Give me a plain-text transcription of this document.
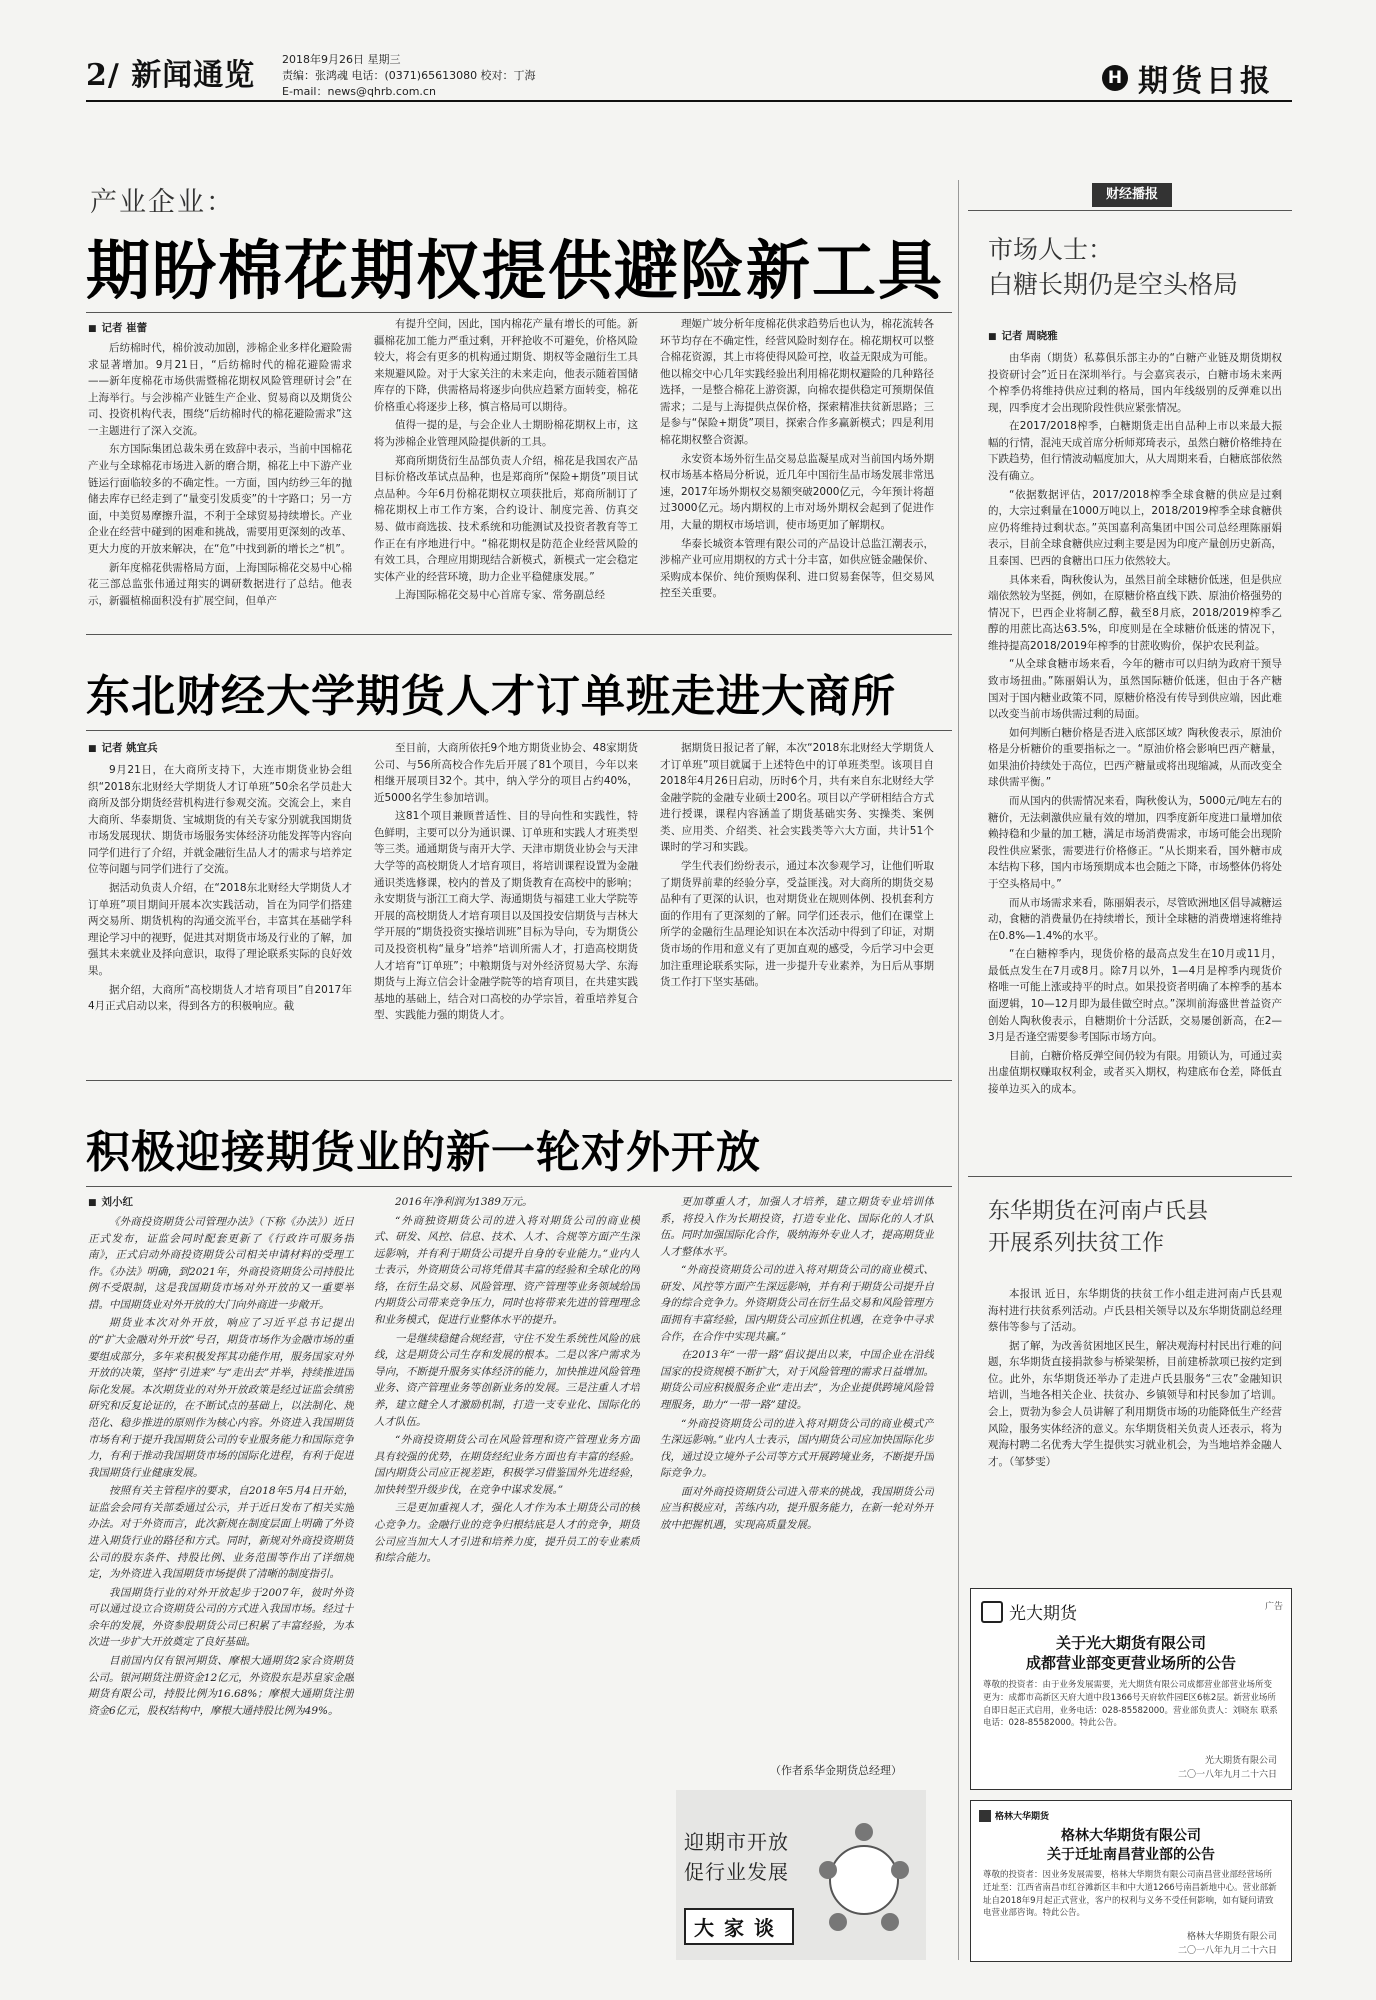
2/ 新闻通览 2018年9月26日 星期三
责编：张鸿魂 电话：(0371)65613080 校对：丁海
E-mail：news@qhrb.com.cn
H 期货日报
产业企业：
期盼棉花期权提供避险新工具
■ 记者 崔蕾

后纺棉时代，棉价波动加剧，涉棉企业多样化避险需求显著增加。9月21日，“后纺棉时代的棉花避险需求——新年度棉花市场供需暨棉花期权风险管理研讨会”在上海举行。与会涉棉产业链生产企业、贸易商以及期货公司、投资机构代表，围绕“后纺棉时代的棉花避险需求”这一主题进行了深入交流。

东方国际集团总裁朱勇在致辞中表示，当前中国棉花产业与全球棉花市场进入新的磨合期，棉花上中下游产业链运行面临较多的不确定性。一方面，国内纺纱三年的抛储去库存已经走到了“量变引发质变”的十字路口；另一方面，中美贸易摩擦升温，不利于全球贸易持续增长。产业企业在经营中碰到的困难和挑战，需要用更深刻的改革、更大力度的开放来解决，在“危”中找到新的增长之“机”。

新年度棉花供需格局方面，上海国际棉花交易中心棉花三部总监张伟通过翔实的调研数据进行了总结。他表示，新疆植棉面积没有扩展空间，但单产

有提升空间，因此，国内棉花产量有增长的可能。新疆棉花加工能力严重过剩，开秤抢收不可避免，价格风险较大，将会有更多的机构通过期货、期权等金融衍生工具来规避风险。对于大家关注的未来走向，他表示随着国储库存的下降，供需格局将逐步向供应趋紧方面转变，棉花价格重心将逐步上移，慎言格局可以期待。

值得一提的是，与会企业人士期盼棉花期权上市，这将为涉棉企业管理风险提供新的工具。

郑商所期货衍生品部负责人介绍，棉花是我国农产品目标价格改革试点品种，也是郑商所“保险+期货”项目试点品种。今年6月份棉花期权立项获批后，郑商所制订了棉花期权上市工作方案，合约设计、制度完善、仿真交易、做市商选拔、技术系统和功能测试及投资者教育等工作正在有序地进行中。“棉花期权是防范企业经营风险的有效工具，合理应用期现结合新模式，新模式一定会稳定实体产业的经营环境，助力企业平稳健康发展。”

上海国际棉花交易中心首席专家、常务副总经

理姬广坡分析年度棉花供求趋势后也认为，棉花流转各环节均存在不确定性，经营风险时刻存在。棉花期权可以整合棉花资源，其上市将使得风险可控，收益无限成为可能。他以棉交中心几年实践经验出利用棉花期权避险的几种路径选择，一是整合棉花上游资源，向棉农提供稳定可预期保值需求；二是与上海提供点保价格，探索精准扶贫新思路；三是参与“保险+期货”项目，探索合作多赢新模式；四是利用棉花期权整合资源。

永安资本场外衍生品交易总监凝星成对当前国内场外期权市场基本格局分析说，近几年中国衍生品市场发展非常迅速，2017年场外期权交易额突破2000亿元，今年预计将超过3000亿元。场内期权的上市对场外期权会起到了促进作用，大量的期权市场培训，使市场更加了解期权。

华泰长城资本管理有限公司的产品设计总监江潮表示，涉棉产业可应用期权的方式十分丰富，如供应链金融保价、采购成本保价、纯价预购保利、进口贸易套保等，但交易风控至关重要。

东北财经大学期货人才订单班走进大商所
■ 记者 姚宜兵

9月21日，在大商所支持下，大连市期货业协会组织“2018东北财经大学期货人才订单班”50余名学员赴大商所及部分期货经营机构进行参观交流。交流会上，来自大商所、华泰期货、宝城期货的有关专家分别就我国期货市场发展现状、期货市场服务实体经济功能发挥等内容向同学们进行了介绍，并就金融衍生品人才的需求与培养定位等问题与同学们进行了交流。

据活动负责人介绍，在“2018东北财经大学期货人才订单班”项目期间开展本次实践活动，旨在为同学们搭建两交易所、期货机构的沟通交流平台，丰富其在基础学科理论学习中的视野，促进其对期货市场及行业的了解，加强其未来就业及择向意识，取得了理论联系实际的良好效果。

据介绍，大商所“高校期货人才培育项目”自2017年4月正式启动以来，得到各方的积极响应。截

至目前，大商所依托9个地方期货业协会、48家期货公司、与56所高校合作先后开展了81个项目，今年以来相继开展项目32个。其中，纳入学分的项目占约40%，近5000名学生参加培训。

这81个项目兼顾普适性、目的导向性和实践性，特色鲜明，主要可以分为通识课、订单班和实践人才班类型等三类。通通期货与南开大学、天津市期货业协会与天津大学等的高校期货人才培育项目，将培训课程设置为金融通识类选修课，校内的普及了期货教育在高校中的影响；永安期货与浙江工商大学、海通期货与福建工业大学院等开展的高校期货人才培育项目以及国投安信期货与吉林大学开展的“期货投资实操培训班”目标为导向，专为期货公司及投资机构“量身”培养“培训所需人才，打造高校期货人才培育“订单班”；中粮期货与对外经济贸易大学、东海期货与上海立信会计金融学院等的培育项目，在共建实践基地的基础上，结合对口高校的办学宗旨，着重培养复合型、实践能力强的期货人才。

据期货日报记者了解，本次“2018东北财经大学期货人才订单班”项目就属于上述特色中的订单班类型。该项目自2018年4月26日启动，历时6个月，共有来自东北财经大学金融学院的金融专业硕士200名。项目以产学研相结合方式进行授课，课程内容涵盖了期货基础实务、实操类、案例类、应用类、介绍类、社会实践类等六大方面，共计51个课时的学习和实践。

学生代表们纷纷表示，通过本次参观学习，让他们听取了期货界前辈的经验分享，受益匪浅。对大商所的期货交易品种有了更深的认识，也对期货业在规则体例、投机套利方面的作用有了更深刻的了解。同学们还表示，他们在课堂上所学的金融衍生品理论知识在本次活动中得到了印证，对期货市场的作用和意义有了更加直观的感受，今后学习中会更加注重理论联系实际，进一步提升专业素养，为日后从事期货工作打下坚实基础。

积极迎接期货业的新一轮对外开放
■ 刘小红

《外商投资期货公司管理办法》（下称《办法》）近日正式发布，证监会同时配套更新了《行政许可服务指南》，正式启动外商投资期货公司相关申请材料的受理工作。《办法》明确，到2021年，外商投资期货公司持股比例不受限制，这是我国期货市场对外开放的又一重要举措。中国期货业对外开放的大门向外商进一步敞开。

期货业本次对外开放，响应了习近平总书记提出的“扩大金融对外开放”号召，期货市场作为金融市场的重要组成部分，多年来积极发挥其功能作用，服务国家对外开放的决策，坚持“引进来”与“走出去”并举，持续推进国际化发展。本次期货业的对外开放政策是经过证监会缜密研究和反复论证的，在不断试点的基础上，以法制化、规范化、稳步推进的原则作为核心内容。外资进入我国期货市场有利于提升我国期货公司的专业服务能力和国际竞争力，有利于推动我国期货市场的国际化进程，有利于促进我国期货行业健康发展。

按照有关主管程序的要求，自2018年5月4日开始，证监会会同有关部委通过公示，并于近日发布了相关实施办法。对于外资而言，此次新规在制度层面上明确了外资进入期货行业的路径和方式。同时，新规对外商投资期货公司的股东条件、持股比例、业务范围等作出了详细规定，为外资进入我国期货市场提供了清晰的制度指引。

我国期货行业的对外开放起步于2007年，彼时外资可以通过设立合资期货公司的方式进入我国市场。经过十余年的发展，外资参股期货公司已积累了丰富经验，为本次进一步扩大开放奠定了良好基础。

目前国内仅有银河期货、摩根大通期货2家合资期货公司。银河期货注册资金12亿元，外资股东是苏皇家金融期货有限公司，持股比例为16.68%；摩根大通期货注册资金6亿元，股权结构中，摩根大通持股比例为49%。

2016年净利润为1389万元。

“外商独资期货公司的进入将对期货公司的商业模式、研发、风控、信息、技术、人才、合规等方面产生深远影响，并有利于期货公司提升自身的专业能力。”业内人士表示，外资期货公司将凭借其丰富的经验和全球化的网络，在衍生品交易、风险管理、资产管理等业务领域给国内期货公司带来竞争压力，同时也将带来先进的管理理念和业务模式，促进行业整体水平的提升。

一是继续稳健合规经营，守住不发生系统性风险的底线，这是期货公司生存和发展的根本。二是以客户需求为导向，不断提升服务实体经济的能力，加快推进风险管理业务、资产管理业务等创新业务的发展。三是注重人才培养，建立健全人才激励机制，打造一支专业化、国际化的人才队伍。

“外商投资期货公司在风险管理和资产管理业务方面具有较强的优势，在期货经纪业务方面也有丰富的经验。国内期货公司应正视差距，积极学习借鉴国外先进经验，加快转型升级步伐，在竞争中谋求发展。”

三是更加重视人才，强化人才作为本土期货公司的核心竞争力。金融行业的竞争归根结底是人才的竞争，期货公司应当加大人才引进和培养力度，提升员工的专业素质和综合能力。

更加尊重人才，加强人才培养，建立期货专业培训体系，将投入作为长期投资，打造专业化、国际化的人才队伍。同时加强国际化合作，吸纳海外专业人才，提高期货业人才整体水平。

“外商投资期货公司的进入将对期货公司的商业模式、研发、风控等方面产生深远影响，并有利于期货公司提升自身的综合竞争力。外资期货公司在衍生品交易和风险管理方面拥有丰富经验，国内期货公司应抓住机遇，在竞争中寻求合作，在合作中实现共赢。”

在2013年“一带一路”倡议提出以来，中国企业在沿线国家的投资规模不断扩大，对于风险管理的需求日益增加。期货公司应积极服务企业“走出去”，为企业提供跨境风险管理服务，助力“一带一路”建设。

“外商投资期货公司的进入将对期货公司的商业模式产生深远影响。”业内人士表示，国内期货公司应加快国际化步伐，通过设立境外子公司等方式开展跨境业务，不断提升国际竞争力。

面对外商投资期货公司进入带来的挑战，我国期货公司应当积极应对，苦练内功，提升服务能力，在新一轮对外开放中把握机遇，实现高质量发展。

（作者系华金期货总经理）
迎期市开放
促行业发展
大家谈
财经播报
市场人士：
白糖长期仍是空头格局
■ 记者 周晓雅

由华南（期货）私募俱乐部主办的“白糖产业链及期货期权投资研讨会”近日在深圳举行。与会嘉宾表示，白糖市场未来两个榨季仍将维持供应过剩的格局，国内年线级别的反弹难以出现，四季度才会出现阶段性供应紧张情况。

在2017/2018榨季，白糖期货走出自品种上市以来最大振幅的行情，混沌天成首席分析师郑琦表示，虽然白糖价格维持在下跌趋势，但行情波动幅度加大，从大周期来看，白糖底部依然没有确立。

“依据数据评估，2017/2018榨季全球食糖的供应是过剩的，大宗过剩量在1000万吨以上，2018/2019榨季全球食糖供应仍将维持过剩状态。”英国嘉利高集团中国公司总经理陈丽娟表示，目前全球食糖供应过剩主要是因为印度产量创历史新高，且泰国、巴西的食糖出口压力依然较大。

具体来看，陶秋俊认为，虽然目前全球糖价低迷，但是供应端依然较为坚挺，例如，在原糖价格直线下跌、原油价格强势的情况下，巴西企业将制乙醇，截至8月底，2018/2019榨季乙醇的用蔗比高达63.5%，印度则是在全球糖价低迷的情况下，维持提高2018/2019年榨季的甘蔗收购价，保护农民利益。

“从全球食糖市场来看，今年的糖市可以归纳为政府干预导致市场扭曲。”陈丽娟认为，虽然国际糖价低迷，但由于各产糖国对于国内糖业政策不同，原糖价格没有传导到供应端，因此难以改变当前市场供需过剩的局面。

如何判断白糖价格是否进入底部区域？陶秋俊表示，原油价格是分析糖价的重要指标之一。“原油价格会影响巴西产糖量，如果油价持续处于高位，巴西产糖量或将出现缩减，从而改变全球供需平衡。”

而从国内的供需情况来看，陶秋俊认为，5000元/吨左右的糖价，无法刺激供应量有效的增加，四季度新年度进口量增加依赖持稳和少量的加工糖，满足市场消费需求，市场可能会出现阶段性供应紧张，需要进行价格修正。“从长期来看，国外糖市成本结构下移，国内市场预期成本也会随之下降，市场整体仍将处于空头格局中。”

而从市场需求来看，陈丽娟表示，尽管欧洲地区倡导减糖运动，食糖的消费量仍在持续增长，预计全球糖的消费增速将维持在0.8%—1.4%的水平。

“在白糖榨季内，现货价格的最高点发生在10月或11月，最低点发生在7月或8月。除7月以外，1—4月是榨季内现货价格唯一可能上涨或持平的时点。如果投资者明确了本榨季的基本面逻辑，10—12月即为最佳做空时点。”深圳前海盛世普益资产创始人陶秋俊表示，自糖期价十分活跃，交易屡创新高，在2—3月是否逢空需要参考国际市场方向。

目前，白糖价格反弹空间仍较为有限。用锁认为，可通过卖出虚值期权赚取权利金，或者买入期权，构建底布仓差，降低直接单边买入的成本。

东华期货在河南卢氏县
开展系列扶贫工作

本报讯 近日，东华期货的扶贫工作小组走进河南卢氏县观海村进行扶贫系列活动。卢氏县相关领导以及东华期货副总经理蔡伟等参与了活动。

据了解，为改善贫困地区民生，解决观海村村民出行难的问题，东华期货直接捐款参与桥梁架桥，目前建桥款项已按约定到位。此外，东华期货还举办了走进卢氏县服务“三农”金融知识培训，当地各相关企业、扶贫办、乡镇领导和村民参加了培训。会上，贾勃为参会人员讲解了利用期货市场的功能降低生产经营风险，服务实体经济的意义。东华期货相关负责人还表示，将为观海村聘二名优秀大学生提供实习就业机会，为当地培养金融人才。（邹梦雯）

光大期货	广告
关于光大期货有限公司
成都营业部变更营业场所的公告
尊敬的投资者：由于业务发展需要，光大期货有限公司成都营业部营业场所变更为：成都市高新区天府大道中段1366号天府软件园E区6栋2层。新营业场所自即日起正式启用，业务电话：028-85582000。营业部负责人：刘晓东 联系电话：028-85582000。特此公告。
光大期货有限公司
二〇一八年九月二十六日
格林大华期货
格林大华期货有限公司
关于迁址南昌营业部的公告
尊敬的投资者：因业务发展需要，格林大华期货有限公司南昌营业部经营场所迁址至：江西省南昌市红谷滩新区丰和中大道1266号南昌新地中心。营业部新址自2018年9月起正式营业，客户的权利与义务不受任何影响，如有疑问请致电营业部咨询。特此公告。
格林大华期货有限公司
二〇一八年九月二十六日
